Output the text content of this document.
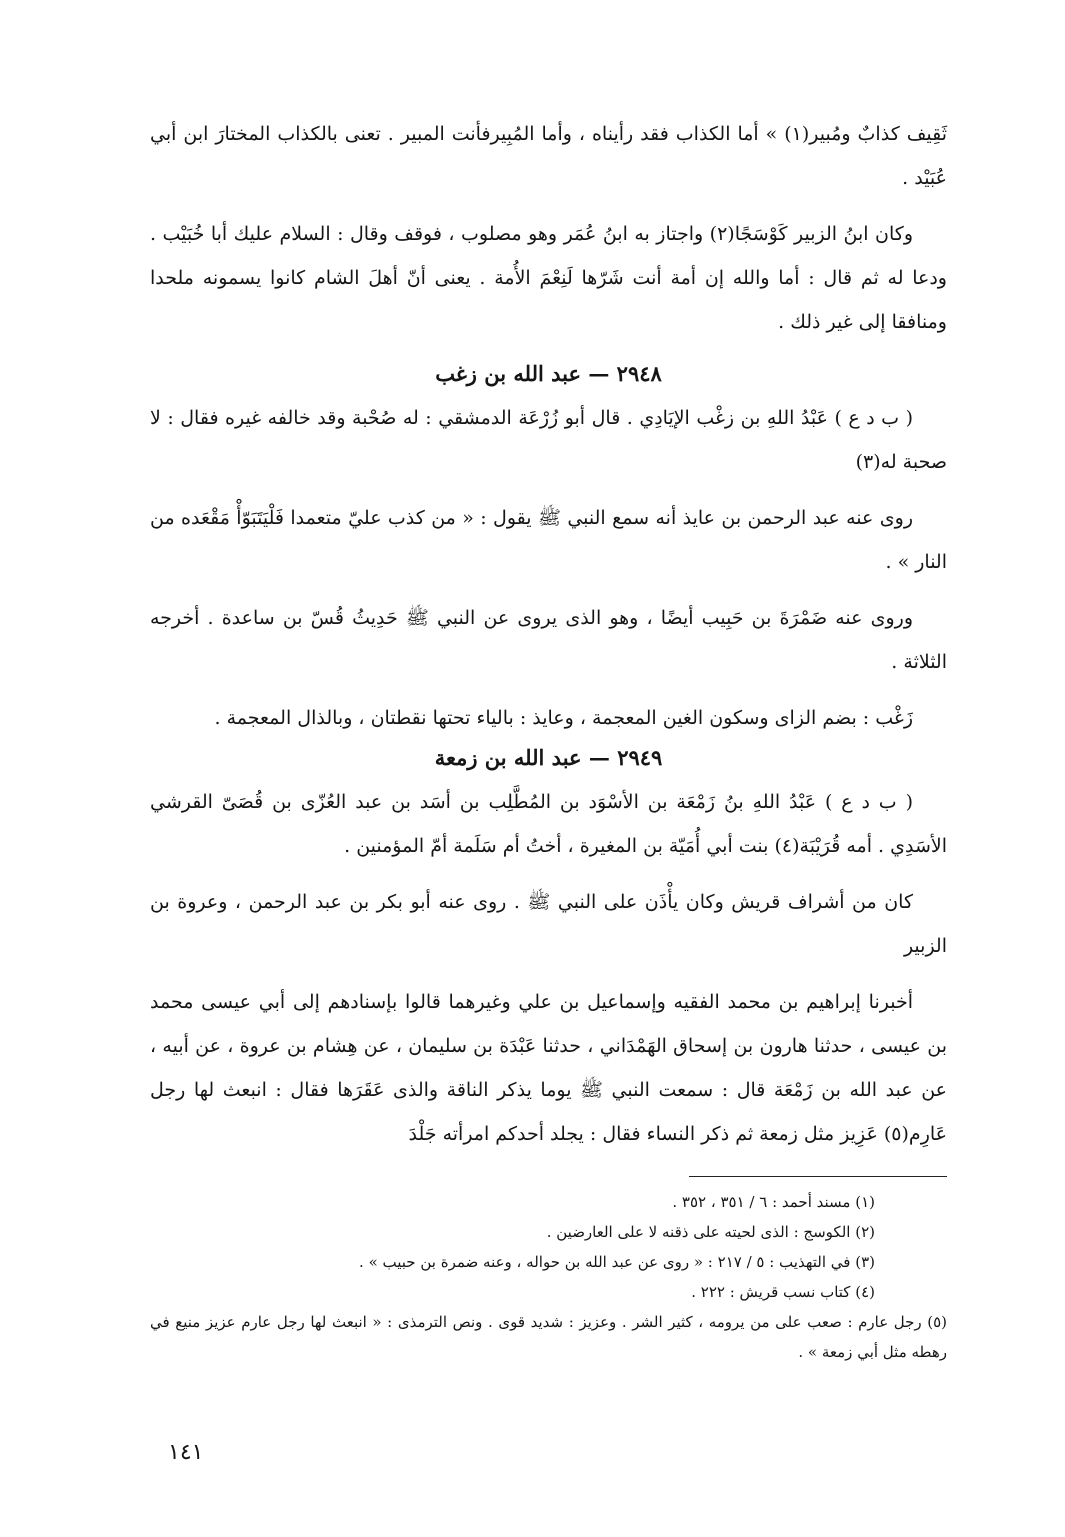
ثَقِيف كذابٌ ومُبير(١) » أما الكذاب فقد رأيناه ، وأما المُبِيرفأنت المبير . تعنى بالكذاب المختارَ ابن أبي عُبَيْد .

وكان ابنُ الزبير كَوْسَجًا(٢) واجتاز به ابنُ عُمَر وهو مصلوب ، فوقف وقال : السلام عليك أبا خُبَيْب . ودعا له ثم قال : أما والله إن أمة أنت شَرّها لَنِعْمَ الأُمة . يعنى أنّ أهلَ الشام كانوا يسمونه ملحدا ومنافقا إلى غير ذلك .

٢٩٤٨ — عبد الله بن زغب

( ب د ع ) عَبْدُ اللهِ بن زغْب الإيَادِي . قال أبو زُرْعَة الدمشقي : له صُحْبة وقد خالفه غيره فقال : لا صحبة له(٣)

روى عنه عبد الرحمن بن عايذ أنه سمع النبي ﷺ يقول : « من كذب عليّ متعمدا فَلْيَتَبَوّأْ مَقْعَده من النار » .

وروى عنه ضَمْرَةَ بن حَبِيب أيضًا ، وهو الذى يروى عن النبي ﷺ حَدِيثُ قُسّ بن ساعدة . أخرجه الثلاثة .

زَغْب : بضم الزاى وسكون الغين المعجمة ، وعايذ : بالياء تحتها نقطتان ، وبالذال المعجمة .

٢٩٤٩ — عبد الله بن زمعة

( ب د ع ) عَبْدُ اللهِ بنُ زَمْعَة بن الأسْوَد بن المُطَّلِب بن أسَد بن عبد العُزّى بن قُصَىّ القرشي الأسَدِي . أمه قُرَيْبَة(٤) بنت أبي أُمَيّة بن المغيرة ، أختُ أم سَلَمة أمّ المؤمنين .

كان من أشراف قريش وكان يأْذَن على النبي ﷺ . روى عنه أبو بكر بن عبد الرحمن ، وعروة بن الزبير

أخبرنا إبراهيم بن محمد الفقيه وإسماعيل بن علي وغيرهما قالوا بإسنادهم إلى أبي عيسى محمد بن عيسى ، حدثنا هارون بن إسحاق الهَمْدَاني ، حدثنا عَبْدَة بن سليمان ، عن هِشام بن عروة ، عن أبيه ، عن عبد الله بن زَمْعَة قال : سمعت النبي ﷺ يوما يذكر الناقة والذى عَقَرَها فقال : انبعث لها رجل عَارِم(٥) عَزِيز مثل زمعة ثم ذكر النساء فقال : يجلد أحدكم امرأته جَلْدَ

(١) مسند أحمد : ٦ / ٣٥١ ، ٣٥٢ .

(٢) الكوسج : الذى لحيته على ذقنه لا على العارضين .

(٣) في التهذيب : ٥ / ٢١٧ : « روى عن عبد الله بن حواله ، وعنه ضمرة بن حبيب » .

(٤) كتاب نسب قريش : ٢٢٢ .

(٥) رجل عارم : صعب على من يرومه ، كثير الشر . وعزيز : شديد قوى . ونص الترمذى : « انبعث لها رجل عارم عزيز منيع في رهطه مثل أبي زمعة » .

١٤١
